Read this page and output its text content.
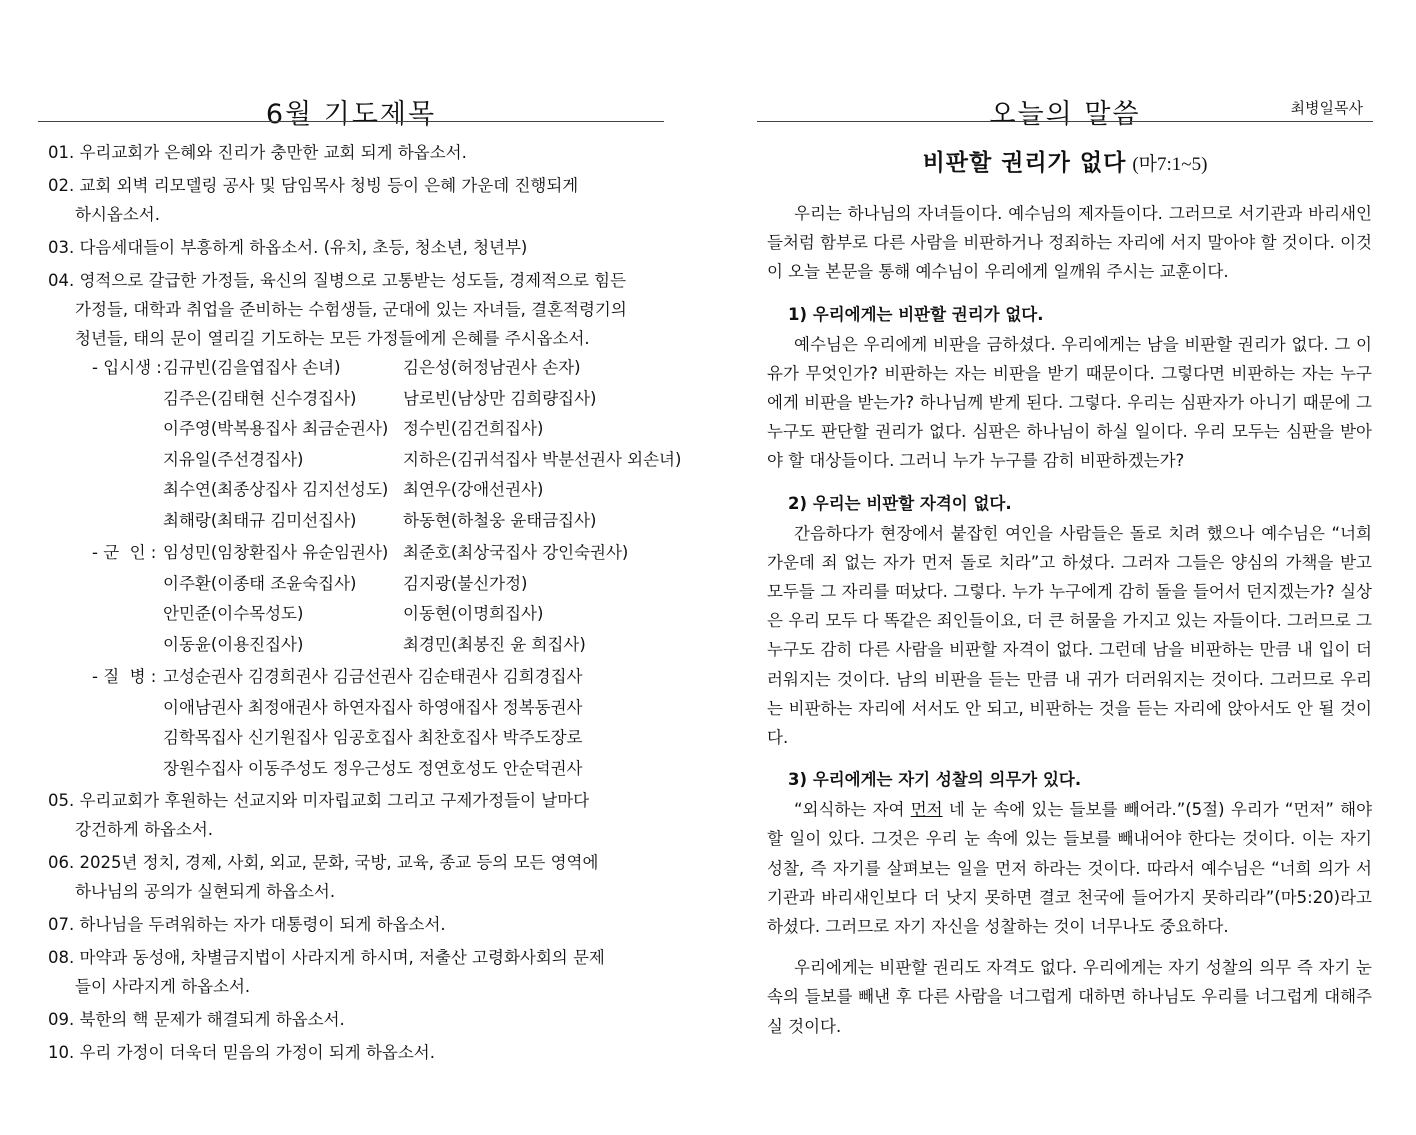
6월 기도제목
01. 우리교회가 은혜와 진리가 충만한 교회 되게 하옵소서.
02. 교회 외벽 리모델링 공사 및 담임목사 청빙 등이 은혜 가운데 진행되게
하시옵소서.
03. 다음세대들이 부흥하게 하옵소서. (유치, 초등, 청소년, 청년부)
04. 영적으로 갈급한 가정들, 육신의 질병으로 고통받는 성도들, 경제적으로 힘든
가정들, 대학과 취업을 준비하는 수험생들, 군대에 있는 자녀들, 결혼적령기의
청년들, 태의 문이 열리길 기도하는 모든 가정들에게 은혜를 주시옵소서.
- 입시생 : 김규빈(김을엽집사 손녀)	김은성(허정남권사 손자)
김주은(김태현 신수경집사)	남로빈(남상만 김희량집사)
이주영(박복용집사 최금순권사) 정수빈(김건희집사)
지유일(주선경집사)	지하은(김귀석집사 박분선권사 외손녀)
최수연(최종상집사 김지선성도) 최연우(강애선권사)
최해랑(최태규 김미선집사)	하동현(하철웅 윤태금집사)
- 군  인 : 임성민(임창환집사 유순임권사) 최준호(최상국집사 강인숙권사)
이주환(이종태 조윤숙집사)	김지광(불신가정)
안민준(이수목성도)	이동현(이명희집사)
이동윤(이용진집사)	최경민(최봉진 윤 희집사)
- 질  병 : 고성순권사 김경희권사 김금선권사 김순태권사 김희경집사
이애남권사 최정애권사 하연자집사 하영애집사 정복동권사
김학목집사 신기원집사 임공호집사 최찬호집사 박주도장로
장원수집사 이동주성도 정우근성도 정연호성도 안순덕권사
05. 우리교회가 후원하는 선교지와 미자립교회 그리고 구제가정들이 날마다
강건하게 하옵소서.
06. 2025년 정치, 경제, 사회, 외교, 문화, 국방, 교육, 종교 등의 모든 영역에
하나님의 공의가 실현되게 하옵소서.
07. 하나님을 두려워하는 자가 대통령이 되게 하옵소서.
08. 마약과 동성애, 차별금지법이 사라지게 하시며, 저출산 고령화사회의 문제
들이 사라지게 하옵소서.
09. 북한의 핵 문제가 해결되게 하옵소서.
10. 우리 가정이 더욱더 믿음의 가정이 되게 하옵소서.
오늘의 말씀	최병일목사
비판할 권리가 없다 (마7:1~5)

우리는 하나님의 자녀들이다. 예수님의 제자들이다. 그러므로 서기관과 바리새인들처럼 함부로 다른 사람을 비판하거나 정죄하는 자리에 서지 말아야 할 것이다. 이것이 오늘 본문을 통해 예수님이 우리에게 일깨워 주시는 교훈이다.

1) 우리에게는 비판할 권리가 없다.

예수님은 우리에게 비판을 금하셨다. 우리에게는 남을 비판할 권리가 없다. 그 이유가 무엇인가? 비판하는 자는 비판을 받기 때문이다. 그렇다면 비판하는 자는 누구에게 비판을 받는가? 하나님께 받게 된다. 그렇다. 우리는 심판자가 아니기 때문에 그 누구도 판단할 권리가 없다. 심판은 하나님이 하실 일이다. 우리 모두는 심판을 받아야 할 대상들이다. 그러니 누가 누구를 감히 비판하겠는가?

2) 우리는 비판할 자격이 없다.

간음하다가 현장에서 붙잡힌 여인을 사람들은 돌로 치려 했으나 예수님은 “너희 가운데 죄 없는 자가 먼저 돌로 치라”고 하셨다. 그러자 그들은 양심의 가책을 받고 모두들 그 자리를 떠났다. 그렇다. 누가 누구에게 감히 돌을 들어서 던지겠는가? 실상은 우리 모두 다 똑같은 죄인들이요, 더 큰 허물을 가지고 있는 자들이다. 그러므로 그 누구도 감히 다른 사람을 비판할 자격이 없다. 그런데 남을 비판하는 만큼 내 입이 더러워지는 것이다. 남의 비판을 듣는 만큼 내 귀가 더러워지는 것이다. 그러므로 우리는 비판하는 자리에 서서도 안 되고, 비판하는 것을 듣는 자리에 앉아서도 안 될 것이다.

3) 우리에게는 자기 성찰의 의무가 있다.

“외식하는 자여 먼저 네 눈 속에 있는 들보를 빼어라.”(5절) 우리가 “먼저” 해야 할 일이 있다. 그것은 우리 눈 속에 있는 들보를 빼내어야 한다는 것이다. 이는 자기 성찰, 즉 자기를 살펴보는 일을 먼저 하라는 것이다. 따라서 예수님은 “너희 의가 서기관과 바리새인보다 더 낫지 못하면 결코 천국에 들어가지 못하리라”(마5:20)라고 하셨다. 그러므로 자기 자신을 성찰하는 것이 너무나도 중요하다.

우리에게는 비판할 권리도 자격도 없다. 우리에게는 자기 성찰의 의무 즉 자기 눈 속의 들보를 빼낸 후 다른 사람을 너그럽게 대하면 하나님도 우리를 너그럽게 대해주실 것이다.
